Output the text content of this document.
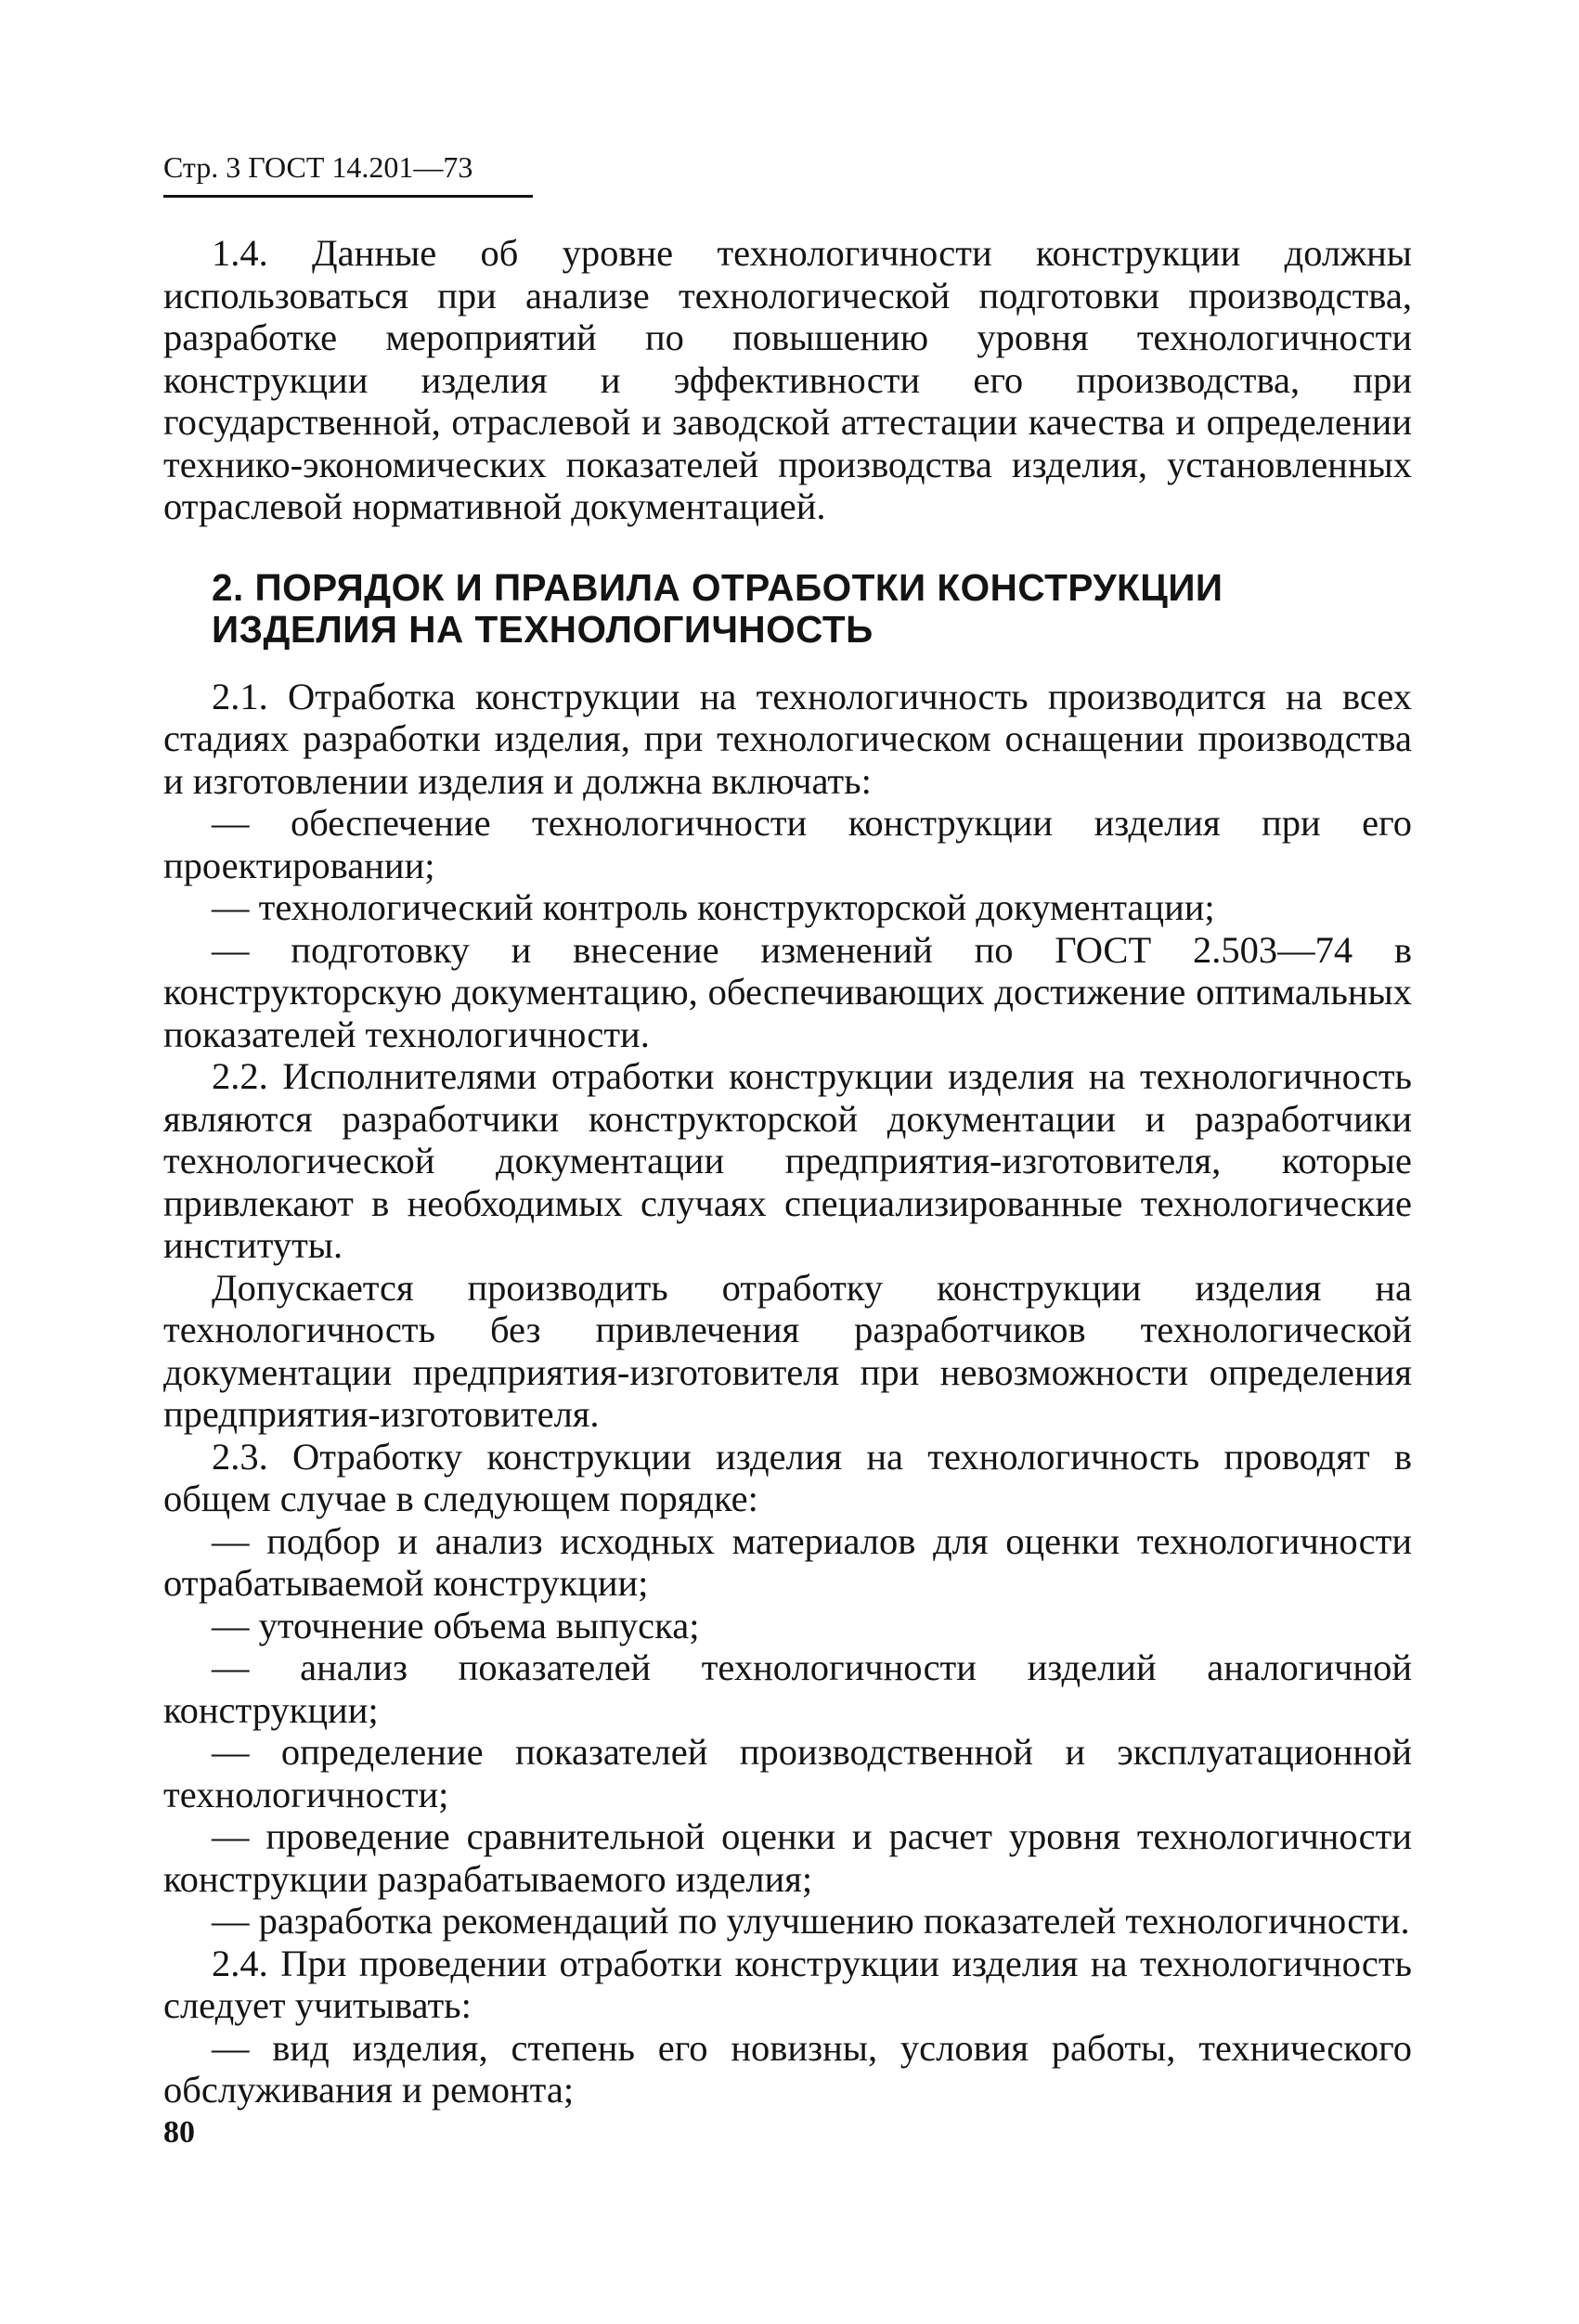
Стр. 3 ГОСТ 14.201—73

1.4. Данные об уровне технологичности конструкции должны использоваться при анализе технологической подготовки производства, разработке мероприятий по повышению уровня технологичности конструкции изделия и эффективности его производства, при государственной, отраслевой и заводской аттестации качества и определении технико-экономических показателей производства изделия, установленных отраслевой нормативной документацией.

2. ПОРЯДОК И ПРАВИЛА ОТРАБОТКИ КОНСТРУКЦИИ

ИЗДЕЛИЯ НА ТЕХНОЛОГИЧНОСТЬ

2.1. Отработка конструкции на технологичность производится на всех стадиях разработки изделия, при технологическом оснащении производства и изготовлении изделия и должна включать:

— обеспечение технологичности конструкции изделия при его проектировании;

— технологический контроль конструкторской документации;

— подготовку и внесение изменений по ГОСТ 2.503—74 в конструкторскую документацию, обеспечивающих достижение оптимальных показателей технологичности.

2.2. Исполнителями отработки конструкции изделия на технологичность являются разработчики конструкторской документации и разработчики технологической документации предприятия-изготовителя, которые привлекают в необходимых случаях специализированные технологические институты.

Допускается производить отработку конструкции изделия на технологичность без привлечения разработчиков технологической документации предприятия-изготовителя при невозможности определения предприятия-изготовителя.

2.3. Отработку конструкции изделия на технологичность проводят в общем случае в следующем порядке:

— подбор и анализ исходных материалов для оценки технологичности отрабатываемой конструкции;

— уточнение объема выпуска;

— анализ показателей технологичности изделий аналогичной конструкции;

— определение показателей производственной и эксплуатационной технологичности;

— проведение сравнительной оценки и расчет уровня технологичности конструкции разрабатываемого изделия;

— разработка рекомендаций по улучшению показателей технологичности.

2.4. При проведении отработки конструкции изделия на технологичность следует учитывать:

— вид изделия, степень его новизны, условия работы, технического обслуживания и ремонта;

80
